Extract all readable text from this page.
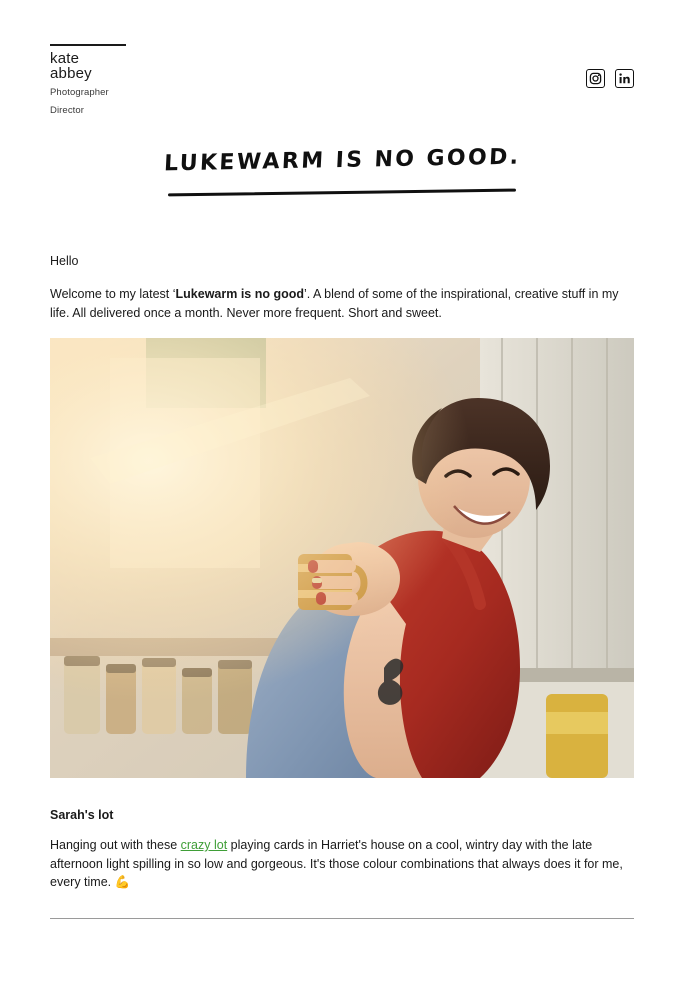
kate
abbey
Photographer
Director
LUKEWARM IS NO GOOD.

Hello

Welcome to my latest ‘Lukewarm is no good’. A blend of some of the inspirational, creative stuff in my life. All delivered once a month. Never more frequent. Short and sweet.

Sarah's lot

Hanging out with these crazy lot playing cards in Harriet's house on a cool, wintry day with the late afternoon light spilling in so low and gorgeous. It's those colour combinations that always does it for me, every time. 💪
